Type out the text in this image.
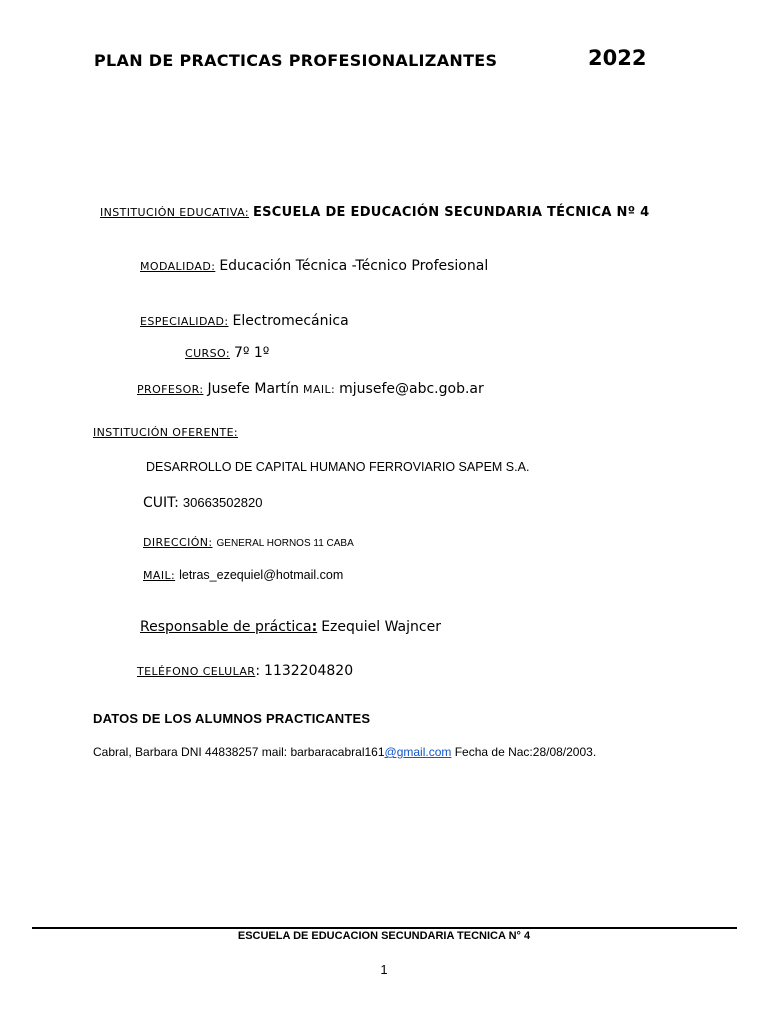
PLAN DE PRACTICAS PROFESIONALIZANTES	2022
INSTITUCIÓN EDUCATIVA: ESCUELA DE EDUCACIÓN SECUNDARIA TÉCNICA Nº 4
MODALIDAD: Educación Técnica -Técnico Profesional
ESPECIALIDAD: Electromecánica
CURSO: 7º 1º
PROFESOR: Jusefe Martín MAIL: mjusefe@abc.gob.ar
INSTITUCIÓN OFERENTE:
DESARROLLO DE CAPITAL HUMANO FERROVIARIO SAPEM S.A.
CUIT: 30663502820
DIRECCIÓN: GENERAL HORNOS 11 CABA
MAIL: letras_ezequiel@hotmail.com
Responsable de práctica: Ezequiel Wajncer
TELÉFONO CELULAR: 1132204820
DATOS DE LOS ALUMNOS PRACTICANTES
Cabral, Barbara DNI 44838257 mail: barbaracabral161@gmail.com Fecha de Nac:28/08/2003.
ESCUELA DE EDUCACION SECUNDARIA TECNICA N° 4
1
